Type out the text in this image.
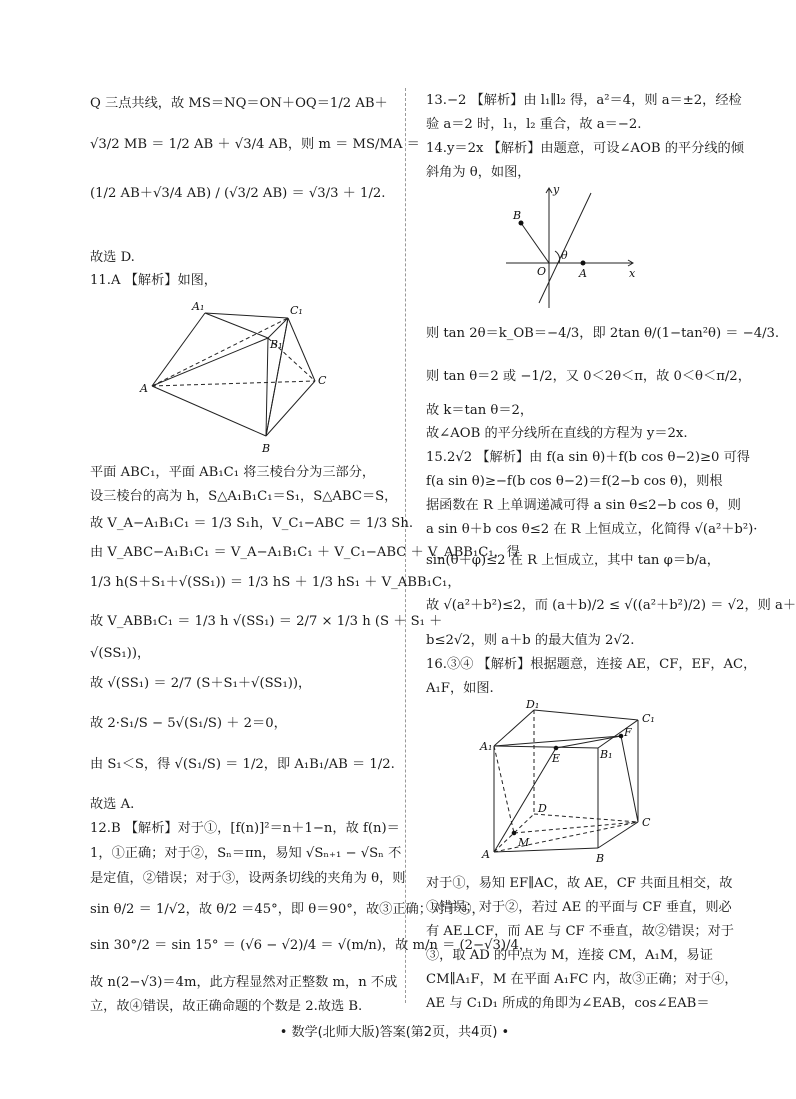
Q 三点共线，故 MS＝NQ＝ON＋OQ＝1/2 AB＋
√3/2 MB ＝ 1/2 AB ＋ √3/4 AB，则 m ＝ MS/MA ＝
(1/2 AB＋√3/4 AB) / (√3/2 AB) ＝ √3/3 ＋ 1/2.
故选 D.
11.A 【解析】如图，
A₁	C₁
B₁
A
C
B
平面 ABC₁，平面 AB₁C₁ 将三棱台分为三部分，
设三棱台的高为 h，S△A₁B₁C₁＝S₁，S△ABC＝S，
故 V_A−A₁B₁C₁ ＝ 1/3 S₁h，V_C₁−ABC ＝ 1/3 Sh.
由 V_ABC−A₁B₁C₁ ＝ V_A−A₁B₁C₁ ＋ V_C₁−ABC ＋ V_ABB₁C₁，得
1/3 h(S＋S₁＋√(SS₁)) ＝ 1/3 hS ＋ 1/3 hS₁ ＋ V_ABB₁C₁，
故 V_ABB₁C₁ ＝ 1/3 h √(SS₁) ＝ 2/7 × 1/3 h (S ＋ S₁ ＋
√(SS₁))，
故 √(SS₁) ＝ 2/7 (S＋S₁＋√(SS₁))，
故 2·S₁/S − 5√(S₁/S) ＋ 2＝0，
由 S₁＜S，得 √(S₁/S) ＝ 1/2，即 A₁B₁/AB ＝ 1/2.
故选 A.
12.B 【解析】对于①，[f(n)]²＝n＋1−n，故 f(n)＝
1，①正确；对于②，Sₙ＝πn，易知 √Sₙ₊₁ − √Sₙ 不
是定值，②错误；对于③，设两条切线的夹角为 θ，则
sin θ/2 ＝ 1/√2，故 θ/2 ＝45°，即 θ＝90°，故③正确；对于④，
sin 30°/2 ＝ sin 15° ＝ (√6 − √2)/4 ＝ √(m/n)，故 m/n ＝ (2−√3)/4，
故 n(2−√3)＝4m，此方程显然对正整数 m，n 不成
立，故④错误，故正确命题的个数是 2.故选 B.
13.−2 【解析】由 l₁∥l₂ 得，a²＝4，则 a＝±2，经检
验 a＝2 时，l₁，l₂ 重合，故 a＝−2.
14.y＝2x 【解析】由题意，可设∠AOB 的平分线的倾
斜角为 θ，如图，
y
B
θ
O	A	x
则 tan 2θ＝k_OB＝−4/3，即 2tan θ/(1−tan²θ) ＝ −4/3.
则 tan θ＝2 或 −1/2，又 0＜2θ＜π，故 0＜θ＜π/2，
故 k＝tan θ＝2，
故∠AOB 的平分线所在直线的方程为 y＝2x.
15.2√2 【解析】由 f(a sin θ)＋f(b cos θ−2)≥0 可得
f(a sin θ)≥−f(b cos θ−2)＝f(2−b cos θ)，则根
据函数在 R 上单调递减可得 a sin θ≤2−b cos θ，则
a sin θ＋b cos θ≤2 在 R 上恒成立，化简得 √(a²＋b²)·
sin(θ＋φ)≤2 在 R 上恒成立，其中 tan φ＝b/a，
故 √(a²＋b²)≤2，而 (a＋b)/2 ≤ √((a²＋b²)/2) ＝ √2，则 a＋
b≤2√2，则 a＋b 的最大值为 2√2.
16.③④ 【解析】根据题意，连接 AE，CF，EF，AC，
A₁F，如图.
D₁
C₁
A₁
F
E	B₁
D
C
A
M
B
对于①，易知 EF∥AC，故 AE，CF 共面且相交，故
①错误；对于②，若过 AE 的平面与 CF 垂直，则必
有 AE⊥CF，而 AE 与 CF 不垂直，故②错误；对于
③，取 AD 的中点为 M，连接 CM，A₁M，易证
CM∥A₁F，M 在平面 A₁FC 内，故③正确；对于④，
AE 与 C₁D₁ 所成的角即为∠EAB，cos∠EAB＝
• 数学(北师大版)答案(第2页，共4页) •
